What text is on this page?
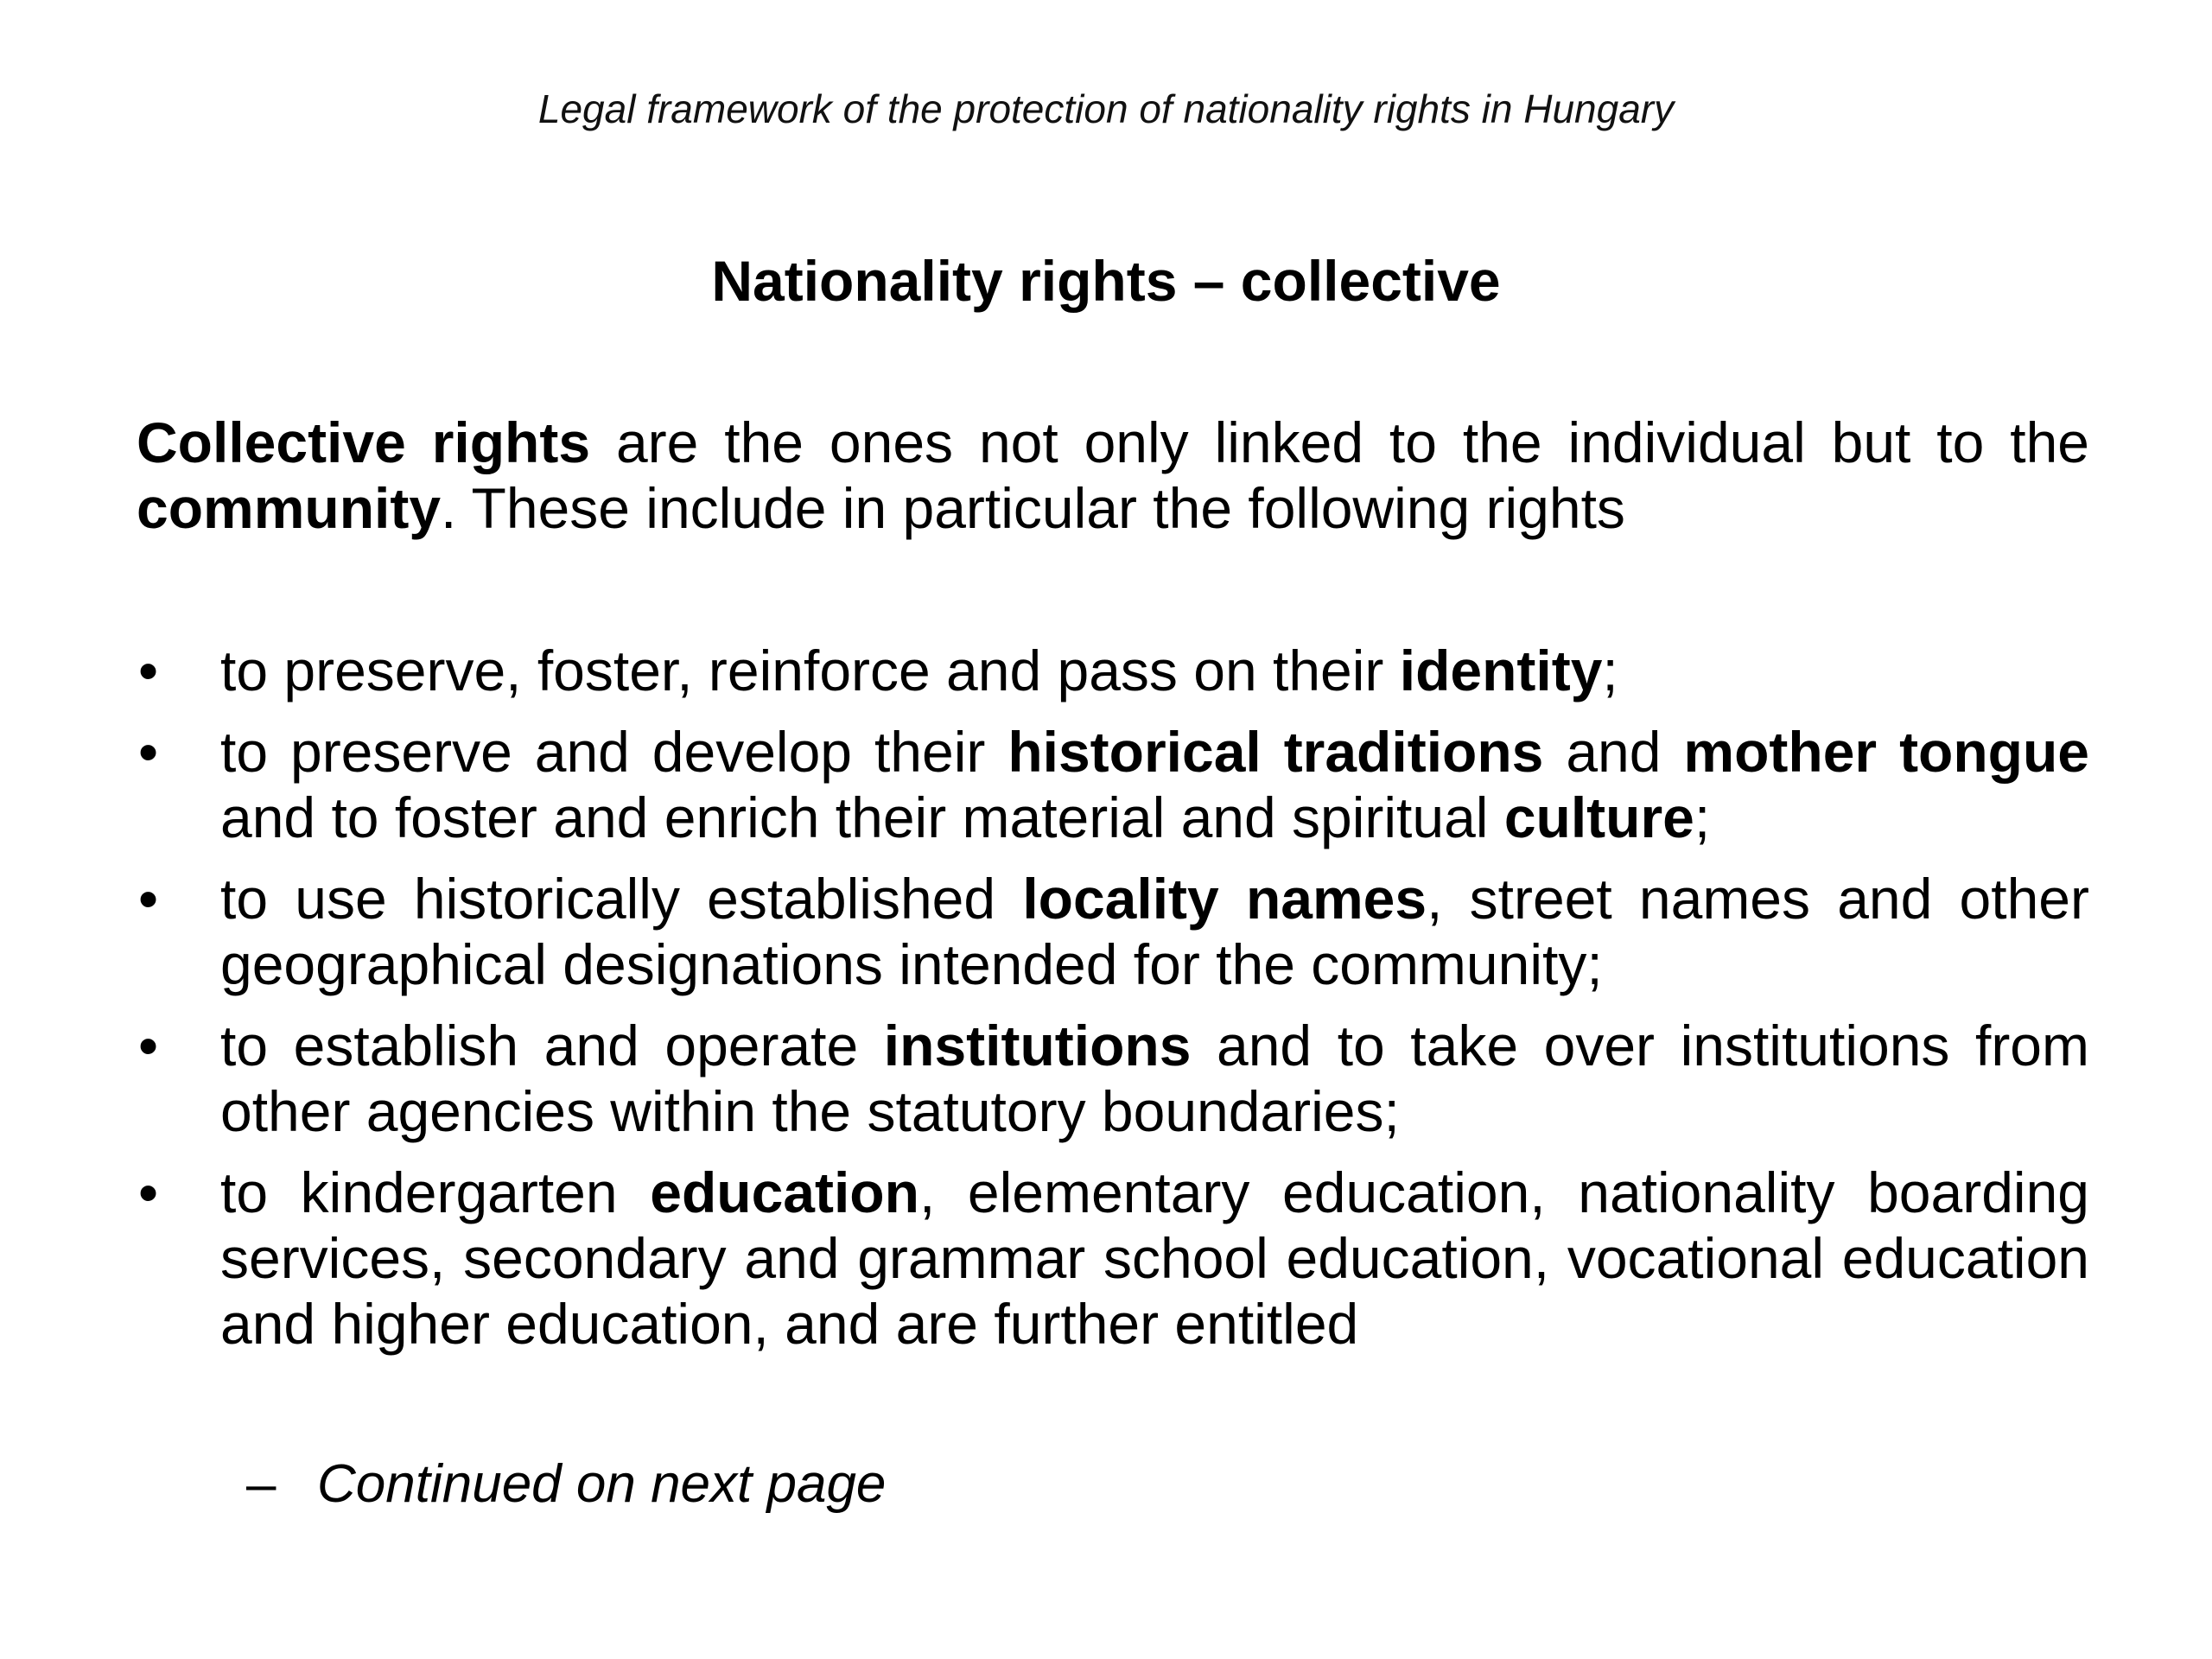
Legal framework of the protection of nationality rights in Hungary
Nationality rights – collective
Collective rights are the ones not only linked to the individual but to the community. These include in particular the following rights
• to preserve, foster, reinforce and pass on their identity;
• to preserve and develop their historical traditions and mother tongue and to foster and enrich their material and spiritual culture;
• to use historically established locality names, street names and other geographical designations intended for the community;
• to establish and operate institutions and to take over institutions from other agencies within the statutory boundaries;
• to kindergarten education, elementary education, nationality boarding services, secondary and grammar school education, vocational education and higher education, and are further entitled
– Continued on next page
